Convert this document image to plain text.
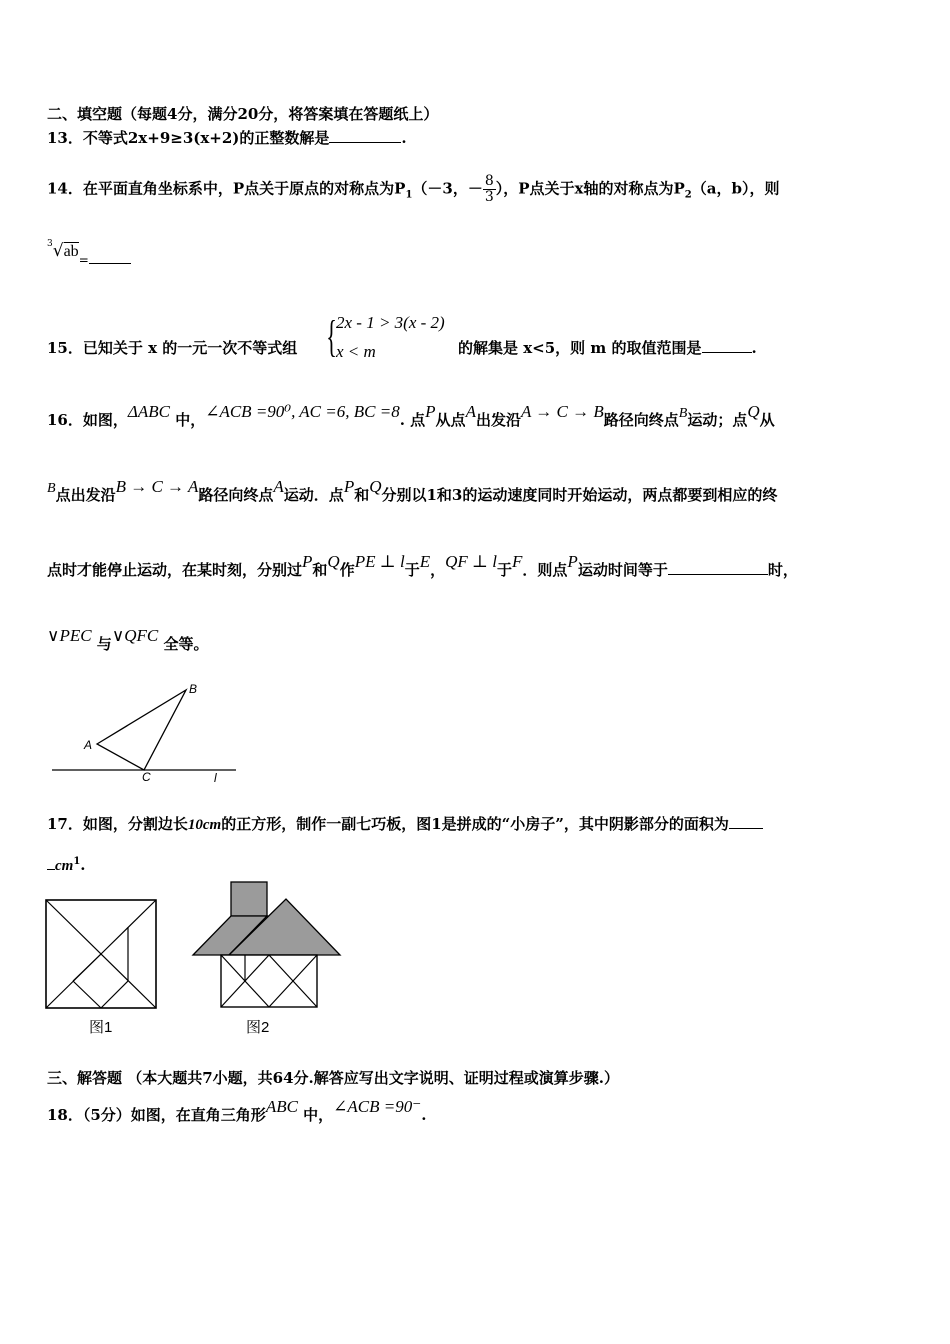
二、填空题（每题4分，满分20分，将答案填在答题纸上）
13．不等式2x+9≥3(x+2)的正整数解是	.
14．在平面直角坐标系中，P点关于原点的对称点为$P_1(-3$，－ $\frac{8}{3}$ ），P点关于x轴的对称点为$P_2(a$，b），则
$^3√ab_=$
15．已知关于 x 的一元一次不等式组 { 2x - 1 > 3(x - 2)
x < m	的解集是 x<5，则 m 的取值范围是	.
16．如图，ΔABC 中，∠ACB =90⁰, AC =6, BC =8. 点P从点A出发沿A → C → B路径向终点B运动；点Q从
B点出发沿B → C → A路径向终点A运动．点P和Q分别以1和3的运动速度同时开始运动，两点都要到相应的终
点时才能停止运动，在某时刻，分别过P和Q作PE ⊥ l于E，QF ⊥ l于F．则点P运动时间等于	时，
∨PEC 与∨QFC 全等。
A
B
C	l
17．如图，分割边长10cm的正方形，制作一副七巧板，图1是拼成的“小房子”，其中阴影部分的面积为
$cm^1$.
图1	图2
三、解答题 （本大题共7小题，共64分.解答应写出文字说明、证明过程或演算步骤.）
18．（5分）如图，在直角三角形ABC 中，∠ACB =90⁻.
